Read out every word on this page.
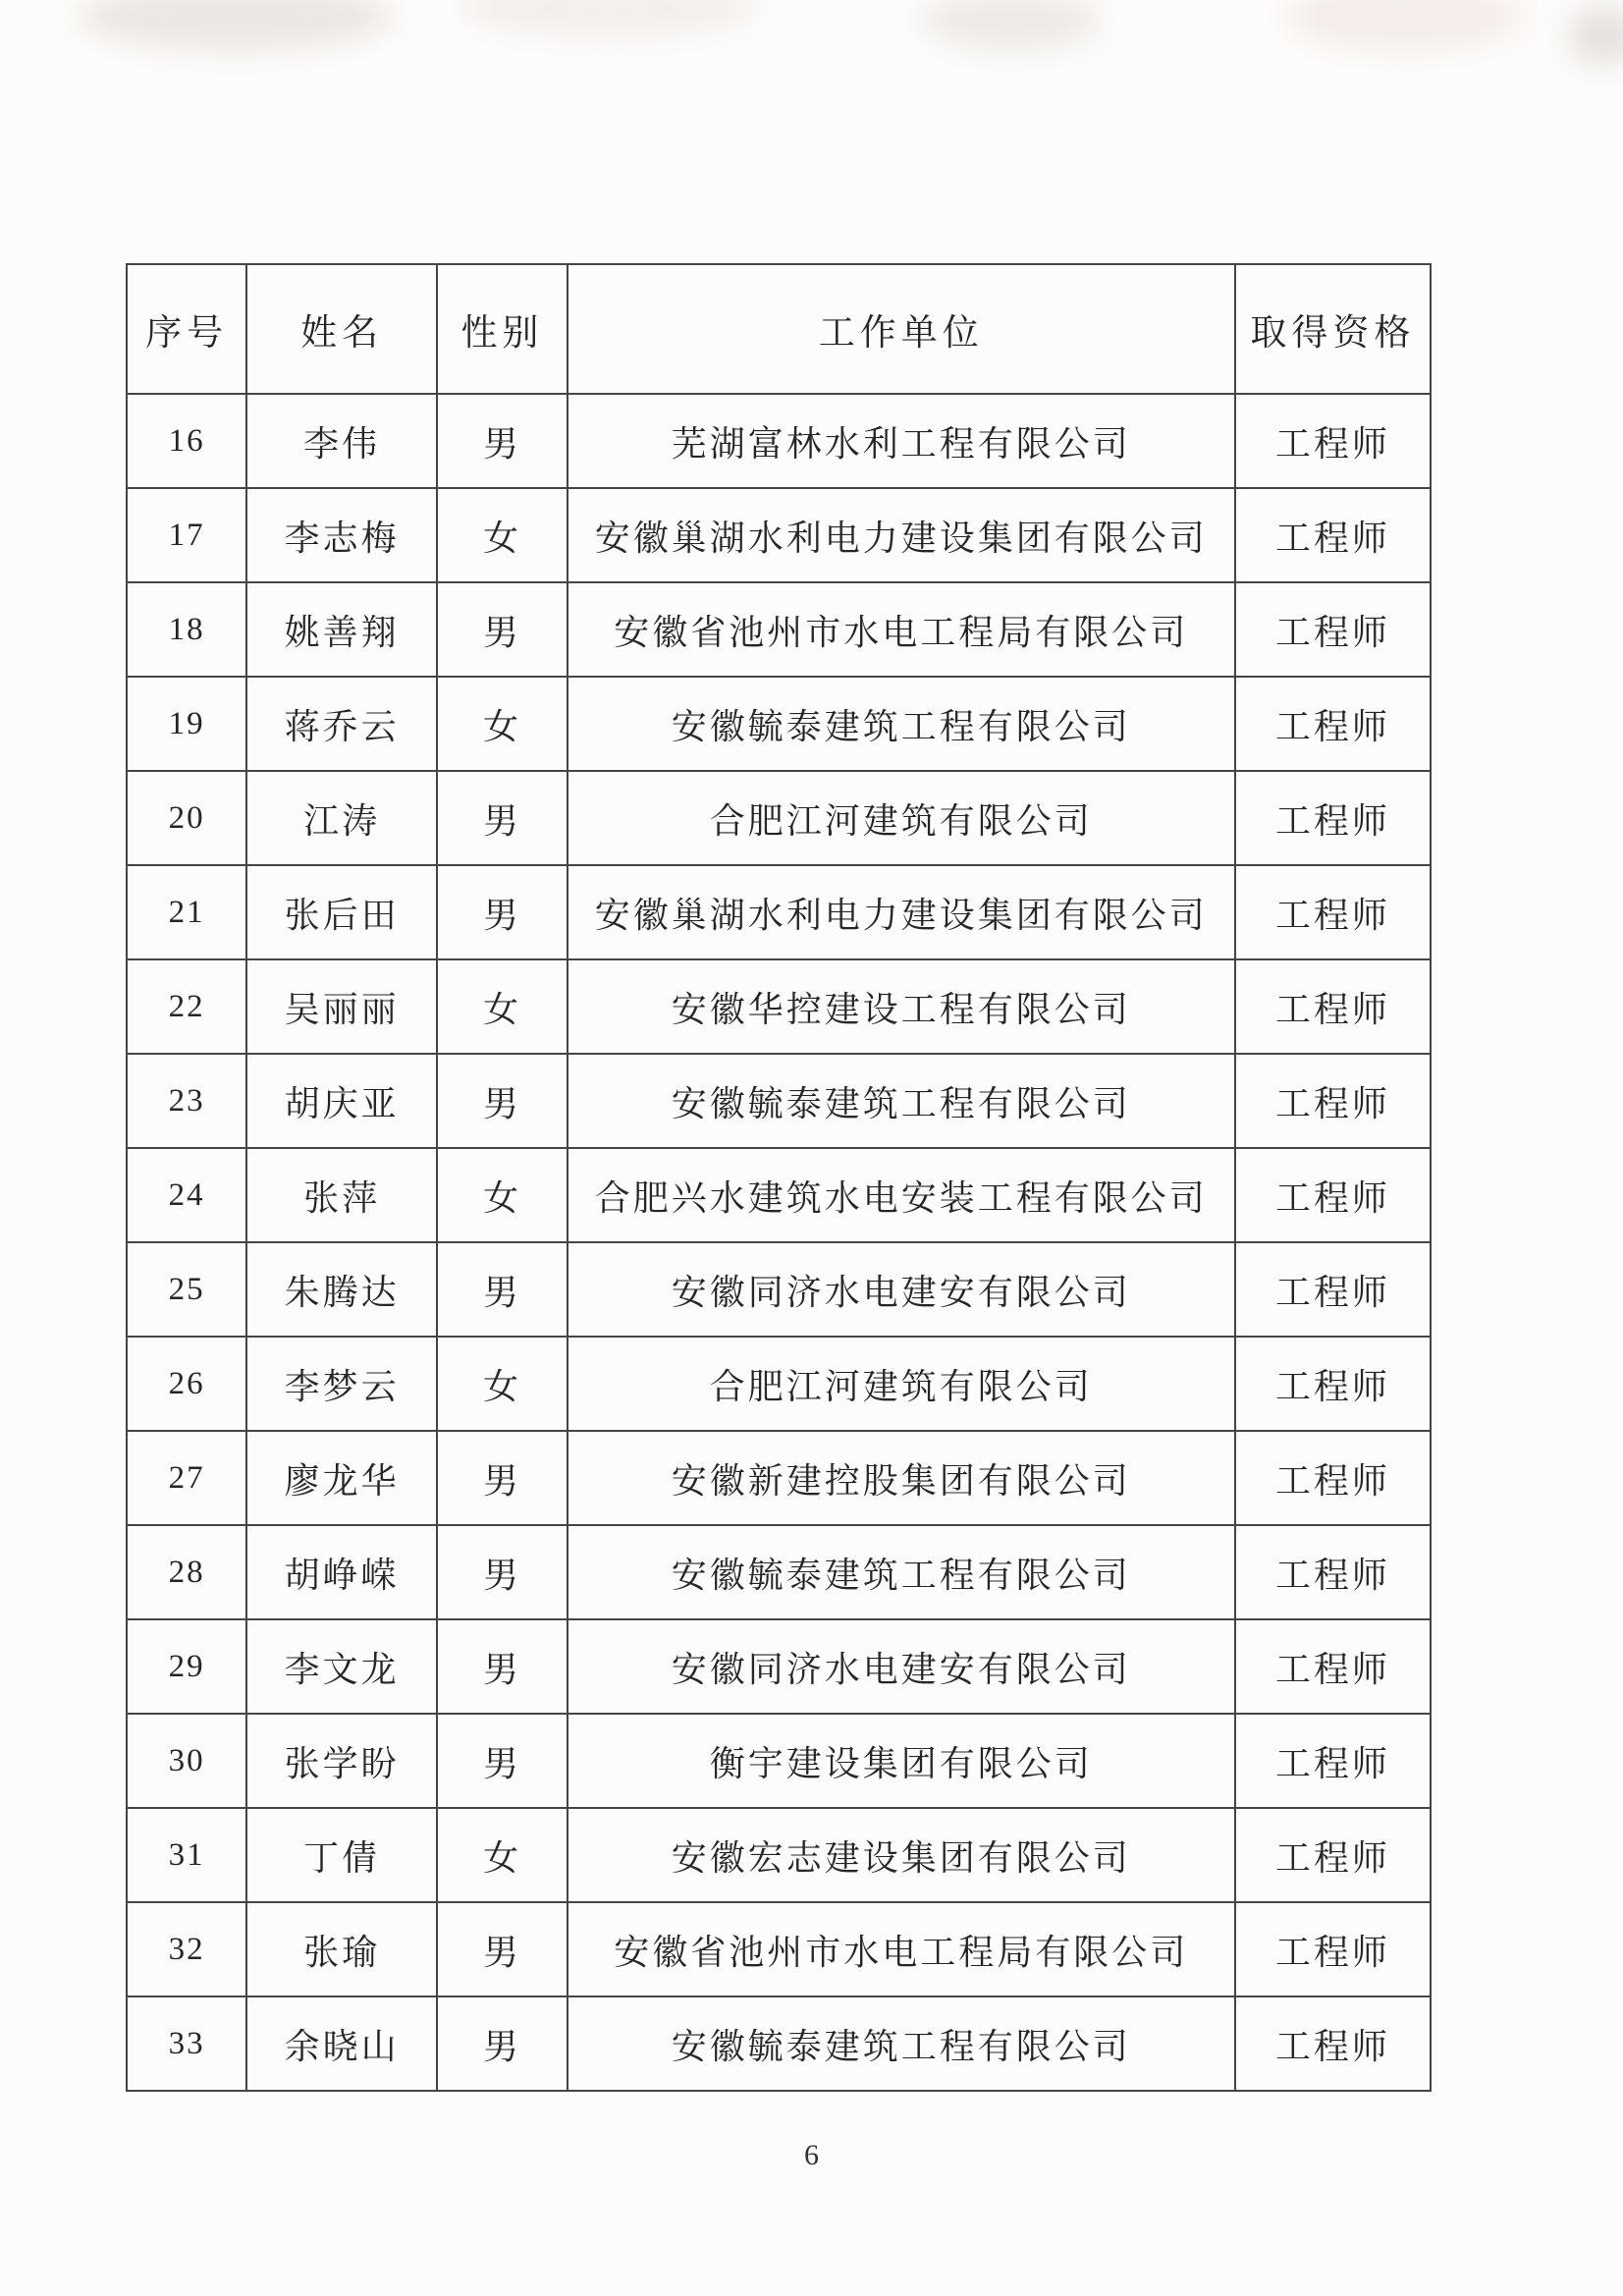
序号	姓名	性别	工作单位	取得资格
16	李伟	男	芜湖富林水利工程有限公司	工程师
17	李志梅	女	安徽巢湖水利电力建设集团有限公司	工程师
18	姚善翔	男	安徽省池州市水电工程局有限公司	工程师
19	蒋乔云	女	安徽毓泰建筑工程有限公司	工程师
20	江涛	男	合肥江河建筑有限公司	工程师
21	张后田	男	安徽巢湖水利电力建设集团有限公司	工程师
22	吴丽丽	女	安徽华控建设工程有限公司	工程师
23	胡庆亚	男	安徽毓泰建筑工程有限公司	工程师
24	张萍	女	合肥兴水建筑水电安装工程有限公司	工程师
25	朱腾达	男	安徽同济水电建安有限公司	工程师
26	李梦云	女	合肥江河建筑有限公司	工程师
27	廖龙华	男	安徽新建控股集团有限公司	工程师
28	胡峥嵘	男	安徽毓泰建筑工程有限公司	工程师
29	李文龙	男	安徽同济水电建安有限公司	工程师
30	张学盼	男	衡宇建设集团有限公司	工程师
31	丁倩	女	安徽宏志建设集团有限公司	工程师
32	张瑜	男	安徽省池州市水电工程局有限公司	工程师
33	余晓山	男	安徽毓泰建筑工程有限公司	工程师
6
